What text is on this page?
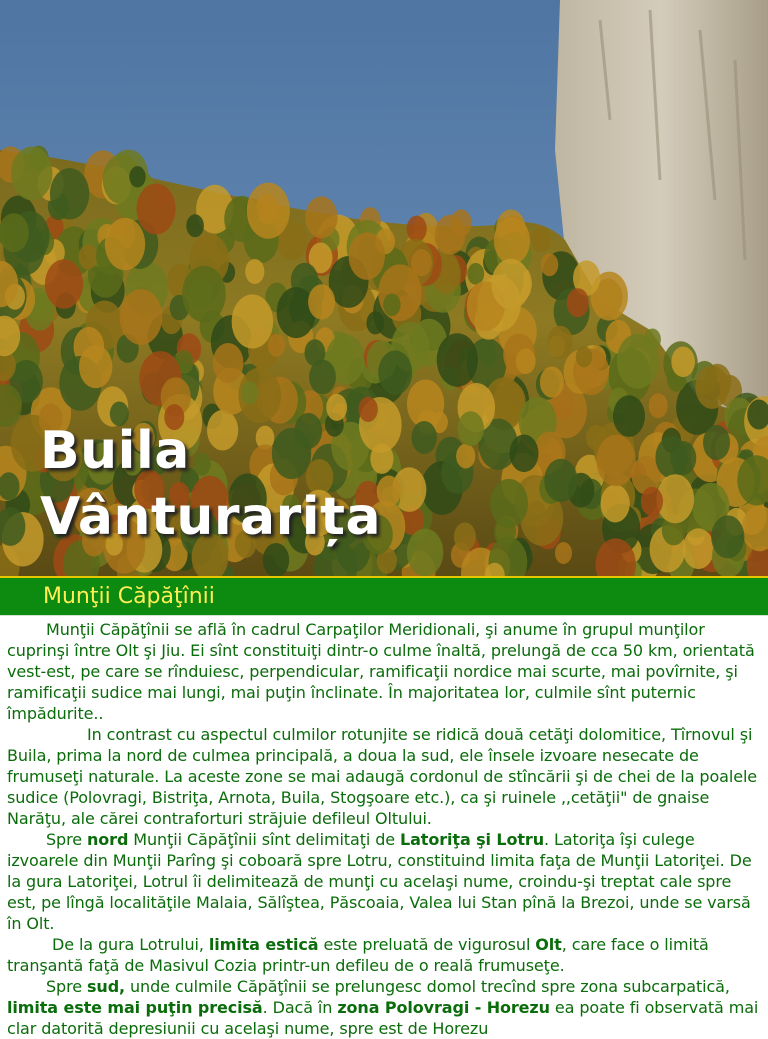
Buila
Vânturarița
Munţii Căpăţînii

Munţii Căpăţînii se află în cadrul Carpaţilor Meridionali, şi anume în grupul munţilor cuprinşi între Olt şi Jiu. Ei sînt constituiţi dintr-o culme înaltă, prelungă de cca 50 km, orientată vest-est, pe care se rînduiesc, perpendicular, ramificaţii nordice mai scurte, mai povîrnite, şi ramificaţii sudice mai lungi, mai puţin înclinate. În majoritatea lor, culmile sînt puternic împădurite..

In contrast cu aspectul culmilor rotunjite se ridică două cetăţi dolomitice, Tîrnovul şi Buila, prima la nord de culmea principală, a doua la sud, ele însele izvoare nesecate de frumuseţi naturale. La aceste zone se mai adaugă cordonul de stîncării şi de chei de la poalele sudice (Polovragi, Bistriţa, Arnota, Buila, Stogşoare etc.), ca şi ruinele ,,cetăţii" de gnaise Narăţu, ale cărei contraforturi străjuie defileul Oltului.

Spre nord Munţii Căpăţînii sînt delimitaţi de Latoriţa şi Lotru. Latoriţa îşi culege izvoarele din Munţii Parîng şi coboară spre Lotru, constituind limita faţa de Munţii Latoriţei. De la gura Latoriţei, Lotrul îi delimitează de munţi cu acelaşi nume, croindu-şi treptat cale spre est, pe lîngă localităţile Malaia, Sălîştea, Păscoaia, Valea lui Stan pînă la Brezoi, unde se varsă în Olt.

De la gura Lotrului, limita estică este preluată de vigurosul Olt, care face o limită tranşantă faţă de Masivul Cozia printr-un defileu de o reală frumuseţe.

Spre sud, unde culmile Căpăţînii se prelungesc domol trecînd spre zona subcarpatică, limita este mai puţin precisă. Dacă în zona Polovragi - Horezu ea poate fi observată mai clar datorită depresiunii cu acelaşi nume, spre est de Horezu
